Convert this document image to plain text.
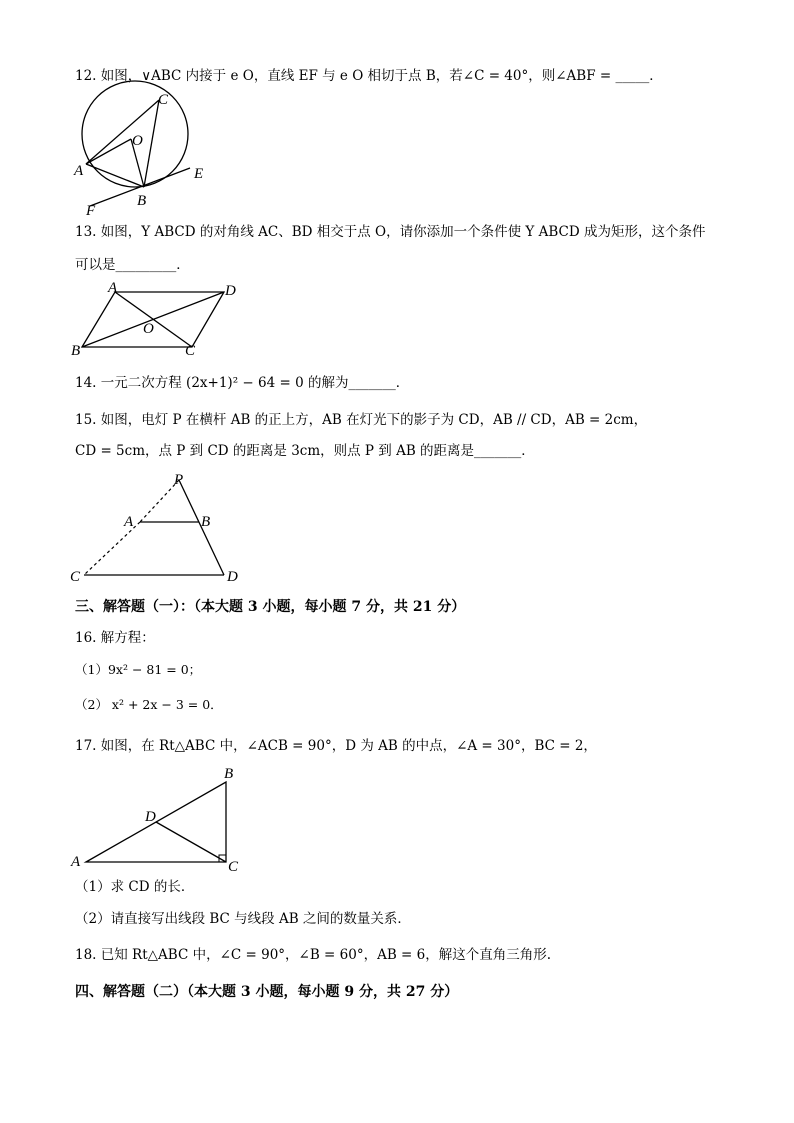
12. 如图，∨ABC 内接于 e O，直线 EF 与 e O 相切于点 B，若∠C = 40°，则∠ABF = _____．
C
O
A
B
E
F
13. 如图，Y ABCD 的对角线 AC、BD 相交于点 O，请你添加一个条件使 Y ABCD 成为矩形，这个条件
可以是_________．
A	D
O
B	C
14. 一元二次方程 (2x+1)² − 64 = 0 的解为_______．
15. 如图，电灯 P 在横杆 AB 的正上方，AB 在灯光下的影子为 CD，AB // CD，AB = 2cm，
CD = 5cm，点 P 到 CD 的距离是 3cm，则点 P 到 AB 的距离是_______．
P
A	B
C	D
三、解答题（一）：（本大题 3 小题，每小题 7 分，共 21 分）
16. 解方程：
（1）9x² − 81 = 0；
（2） x² + 2x − 3 = 0．
17. 如图，在 Rt△ABC 中，∠ACB = 90°，D 为 AB 的中点，∠A = 30°，BC = 2，
B
D
A	C
（1）求 CD 的长．
（2）请直接写出线段 BC 与线段 AB 之间的数量关系．
18. 已知 Rt△ABC 中，∠C = 90°，∠B = 60°，AB = 6，解这个直角三角形.
四、解答题（二）（本大题 3 小题，每小题 9 分，共 27 分）
